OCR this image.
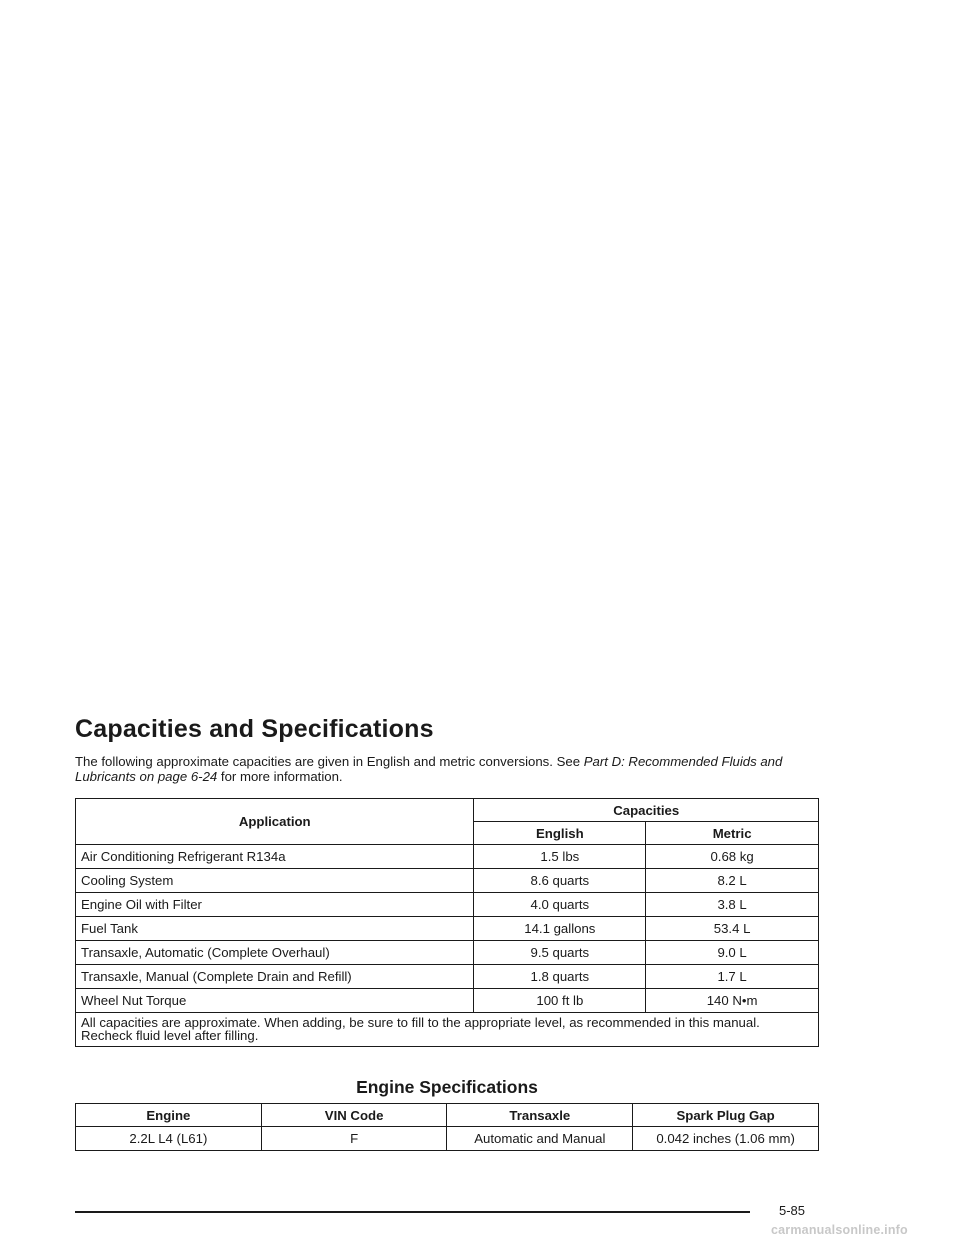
Capacities and Specifications

The following approximate capacities are given in English and metric conversions. See Part D: Recommended Fluids and Lubricants on page 6-24 for more information.

Application	Capacities	
	English	Metric
Air Conditioning Refrigerant R134a	1.5 lbs	0.68 kg
Cooling System	8.6 quarts	8.2 L
Engine Oil with Filter	4.0 quarts	3.8 L
Fuel Tank	14.1 gallons	53.4 L
Transaxle, Automatic (Complete Overhaul)	9.5 quarts	9.0 L
Transaxle, Manual (Complete Drain and Refill)	1.8 quarts	1.7 L
Wheel Nut Torque	100 ft lb	140 N•m
All capacities are approximate. When adding, be sure to fill to the appropriate level, as recommended in this manual. Recheck fluid level after filling.		
Engine Specifications
Engine	VIN Code	Transaxle	Spark Plug Gap
2.2L L4 (L61)	F	Automatic and Manual	0.042 inches (1.06 mm)
5-85
carmanualsonline.info
